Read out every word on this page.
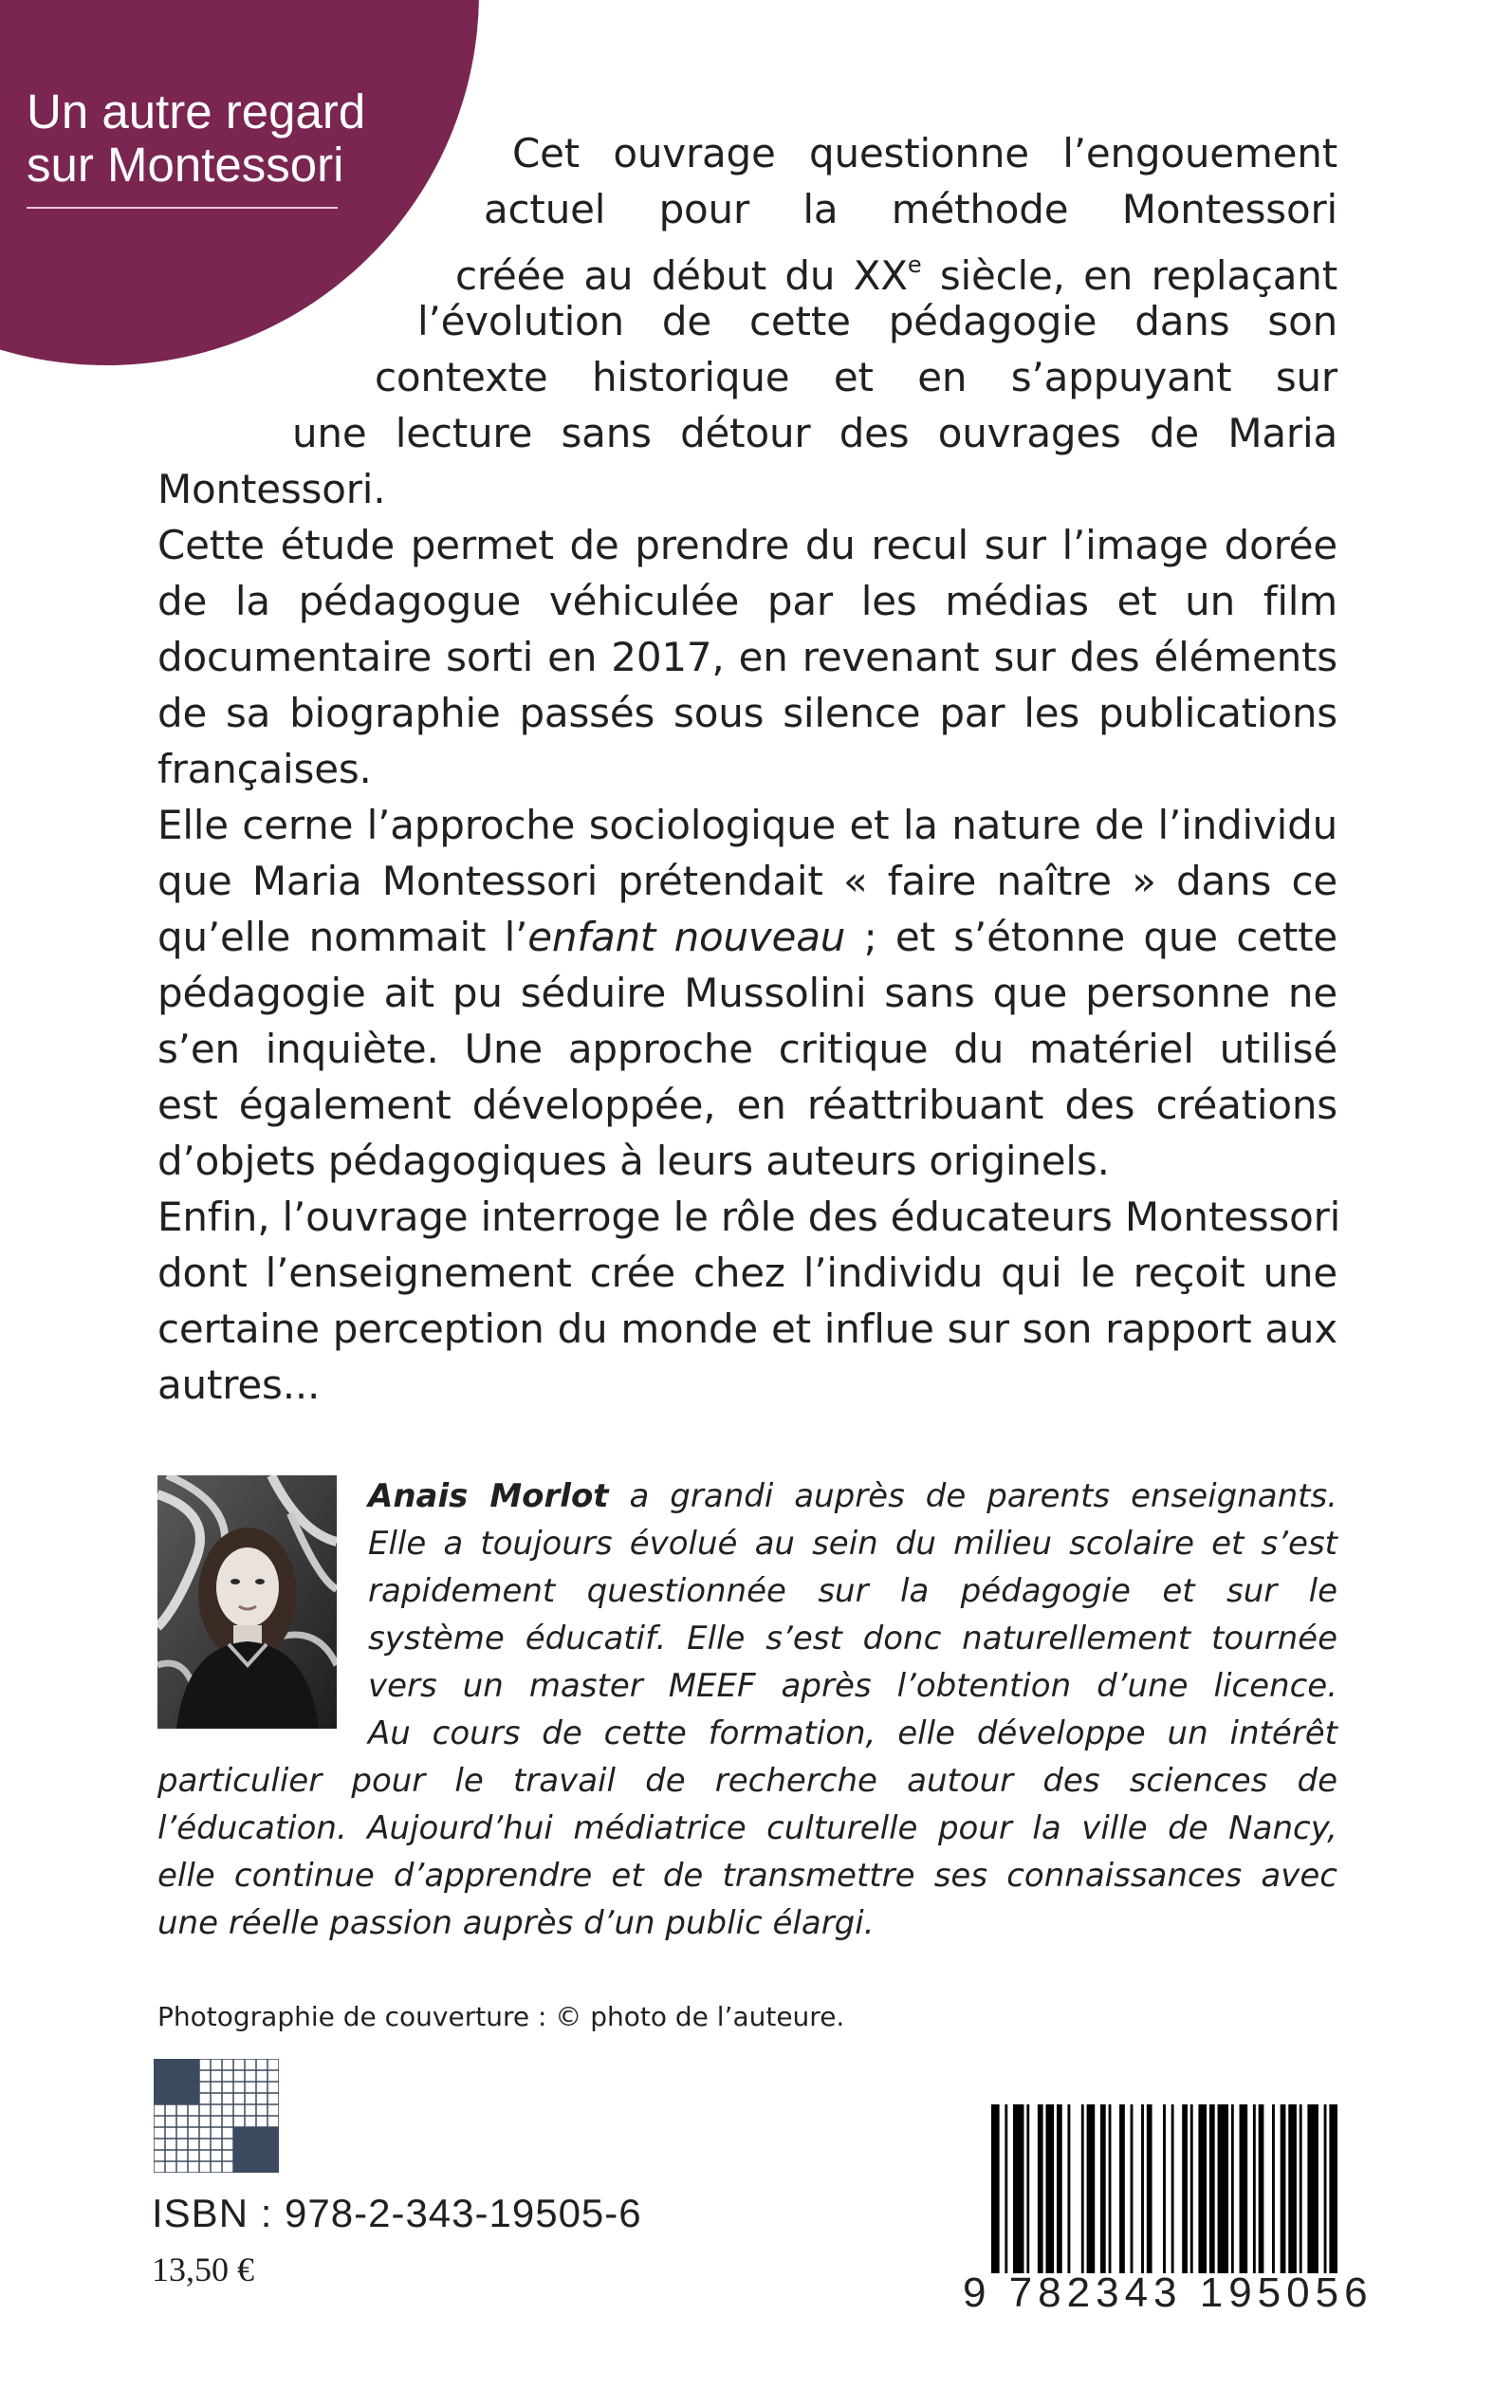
Un autre regard
sur Montessori	Cet ouvrage questionne l’engouement
actuel pour la méthode Montessori
créée au début du XXe siècle, en replaçant
l’évolution de cette pédagogie dans son
contexte historique et en s’appuyant sur
une lecture sans détour des ouvrages de Maria
Montessori.
Cette étude permet de prendre du recul sur l’image dorée
de la pédagogue véhiculée par les médias et un film
documentaire sorti en 2017, en revenant sur des éléments
de sa biographie passés sous silence par les publications
françaises.
Elle cerne l’approche sociologique et la nature de l’individu
que Maria Montessori prétendait « faire naître » dans ce
qu’elle nommait l’enfant nouveau ; et s’étonne que cette
pédagogie ait pu séduire Mussolini sans que personne ne
s’en inquiète. Une approche critique du matériel utilisé
est également développée, en réattribuant des créations
d’objets pédagogiques à leurs auteurs originels.
Enfin, l’ouvrage interroge le rôle des éducateurs Montessori
dont l’enseignement crée chez l’individu qui le reçoit une
certaine perception du monde et influe sur son rapport aux
autres...
Anais Morlot a grandi auprès de parents enseignants.
Elle a toujours évolué au sein du milieu scolaire et s’est
rapidement questionnée sur la pédagogie et sur le
système éducatif. Elle s’est donc naturellement tournée
vers un master MEEF après l’obtention d’une licence.
Au cours de cette formation, elle développe un intérêt
particulier pour le travail de recherche autour des sciences de
l’éducation. Aujourd’hui médiatrice culturelle pour la ville de Nancy,
elle continue d’apprendre et de transmettre ses connaissances avec
une réelle passion auprès d’un public élargi.
Photographie de couverture : © photo de l’auteure.
ISBN : 978-2-343-19505-6
13,50 €	9 782343 195056
